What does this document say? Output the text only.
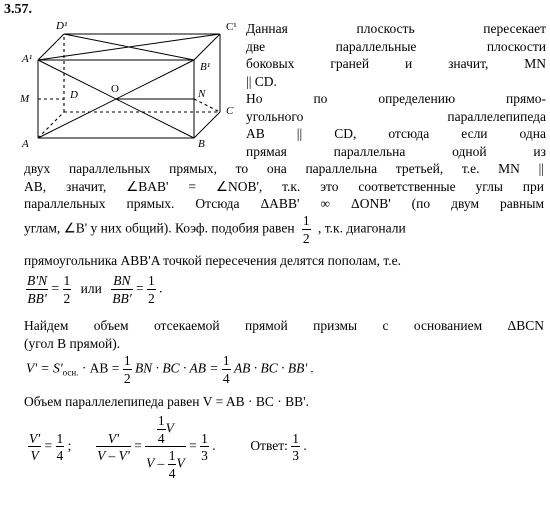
3.57.
D¹	C¹
A¹
B¹
M	D	O	N
C
A	B
Данная плоскость пересекает
две параллельные плоскости
боковых граней и значит, MN
|| CD.
Но по определению прямо-
угольного параллелепипеда
AB || CD, отсюда если одна
прямая параллельна одной из
двух параллельных прямых, то она параллельна третьей, т.е. MN ||
AB, значит, ∠BAB' = ∠NOB', т.к. это соответственные углы при
параллельных прямых. Отсюда ΔABB' ∞ ΔONB' (по двум равным
углам, ∠B' у них общий). Коэф. подобия равен $\frac{1}{2}$ , т.к. диагонали
прямоугольника ABB'A точкой пересечения делятся пополам, т.е.
$\frac{B'N}{BB'} = \frac{1}{2}$ или $\frac{BN}{BB'} = \frac{1}{2}$ .
Найдем объем отсекаемой прямой призмы с основанием ΔBCN
(угол B прямой).
$V' = S'_{осн.}$ · AB = $\frac{1}{2}$ BN · BC · AB = $\frac{1}{4}$ AB · BC · BB' .
Объем параллелепипеда равен V = AB · BC · BB'.
$\frac{V'}{V} = \frac{1}{4}$ ; $\frac{V'}{V - V'} = \frac{\frac{1}{4} V}{V - \frac{1}{4} V} = \frac{1}{3}$ .	Ответ: $\frac{1}{3}$ .
